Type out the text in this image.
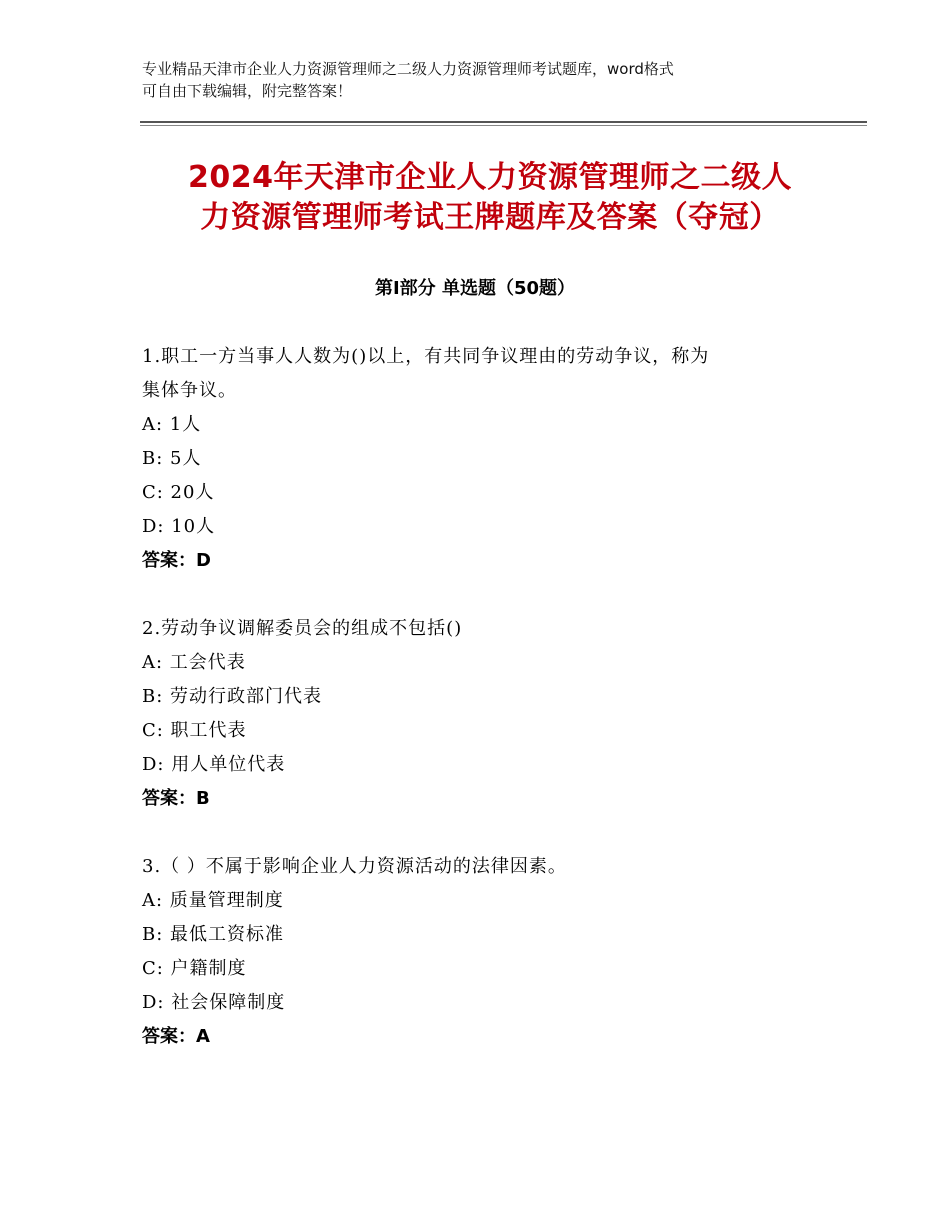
专业精品天津市企业人力资源管理师之二级人力资源管理师考试题库，word格式
可自由下载编辑，附完整答案！
2024年天津市企业人力资源管理师之二级人
力资源管理师考试王牌题库及答案（夺冠）
第Ⅰ部分 单选题（50题）
1.职工一方当事人人数为()以上，有共同争议理由的劳动争议，称为
集体争议。
A: 1人
B: 5人
C: 20人
D: 10人
答案：D
2.劳动争议调解委员会的组成不包括()
A: 工会代表
B: 劳动行政部门代表
C: 职工代表
D: 用人单位代表
答案：B
3.（ ）不属于影响企业人力资源活动的法律因素。
A: 质量管理制度
B: 最低工资标准
C: 户籍制度
D: 社会保障制度
答案：A
